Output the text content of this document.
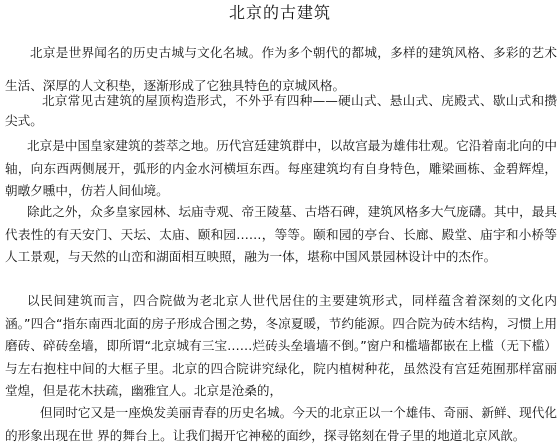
北京的古建筑

北京是世界闻名的历史古城与文化名城。作为多个朝代的都城，多样的建筑风格、多彩的艺术生活、深厚的人文积垫，逐渐形成了它独具特色的京城风格。

北京常见古建筑的屋顶构造形式，不外乎有四种——硬山式、悬山式、庑殿式、歇山式和攒尖式。

北京是中国皇家建筑的荟萃之地。历代宫廷建筑群中，以故宫最为雄伟壮观。它沿着南北向的中轴，向东西两侧展开，弧形的内金水河横垣东西。每座建筑均有自身特色，雕梁画栋、金碧辉煌，朝暾夕曛中，仿若人间仙境。

除此之外，众多皇家园林、坛庙寺观、帝王陵墓、古塔石碑，建筑风格多大气庞礴。其中，最具代表性的有天安门、天坛、太庙、颐和园……，等等。颐和园的亭台、长廊、殿堂、庙宇和小桥等人工景观，与天然的山峦和湖面相互映照，融为一体，堪称中国风景园林设计中的杰作。

以民间建筑而言，四合院做为老北京人世代居住的主要建筑形式，同样蕴含着深刻的文化内涵。”四合“指东南西北面的房子形成合围之势，冬凉夏暖，节约能源。四合院为砖木结构，习惯上用磨砖、碎砖垒墙，即所谓“北京城有三宝……烂砖头垒墙墙不倒。”窗户和槛墙都嵌在上槛（无下槛）与左右抱柱中间的大框子里。北京的四合院讲究绿化，院内植树种花，虽然没有宫廷苑囿那样富丽堂煌，但是花木扶疏，幽雅宜人。北京是沧桑的，

但同时它又是一座焕发美丽青春的历史名城。今天的北京正以一个雄伟、奇丽、新鲜、现代化的形象出现在世 界的舞台上。让我们揭开它神秘的面纱，探寻铭刻在骨子里的地道北京风歆。
